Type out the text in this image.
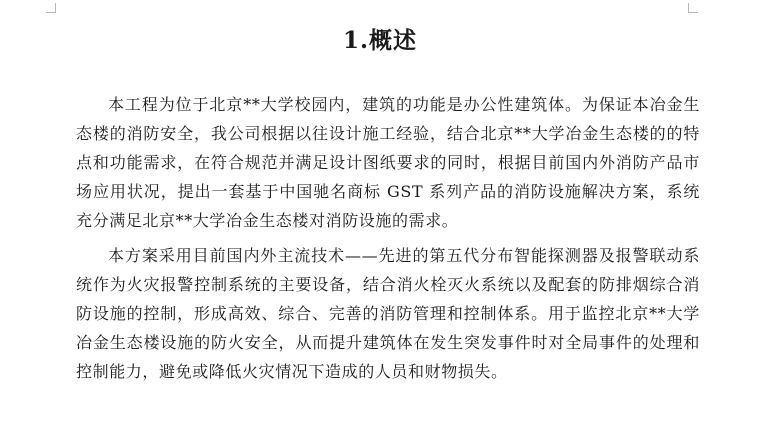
1.概述

本工程为位于北京**大学校园内，建筑的功能是办公性建筑体。为保证本冶金生态楼的消防安全，我公司根据以往设计施工经验，结合北京**大学冶金生态楼的的特点和功能需求，在符合规范并满足设计图纸要求的同时，根据目前国内外消防产品市场应用状况，提出一套基于中国驰名商标 GST 系列产品的消防设施解决方案，系统充分满足北京**大学冶金生态楼对消防设施的需求。

本方案采用目前国内外主流技术——先进的第五代分布智能探测器及报警联动系统作为火灾报警控制系统的主要设备，结合消火栓灭火系统以及配套的防排烟综合消防设施的控制，形成高效、综合、完善的消防管理和控制体系。用于监控北京**大学冶金生态楼设施的防火安全，从而提升建筑体在发生突发事件时对全局事件的处理和控制能力，避免或降低火灾情况下造成的人员和财物损失。
